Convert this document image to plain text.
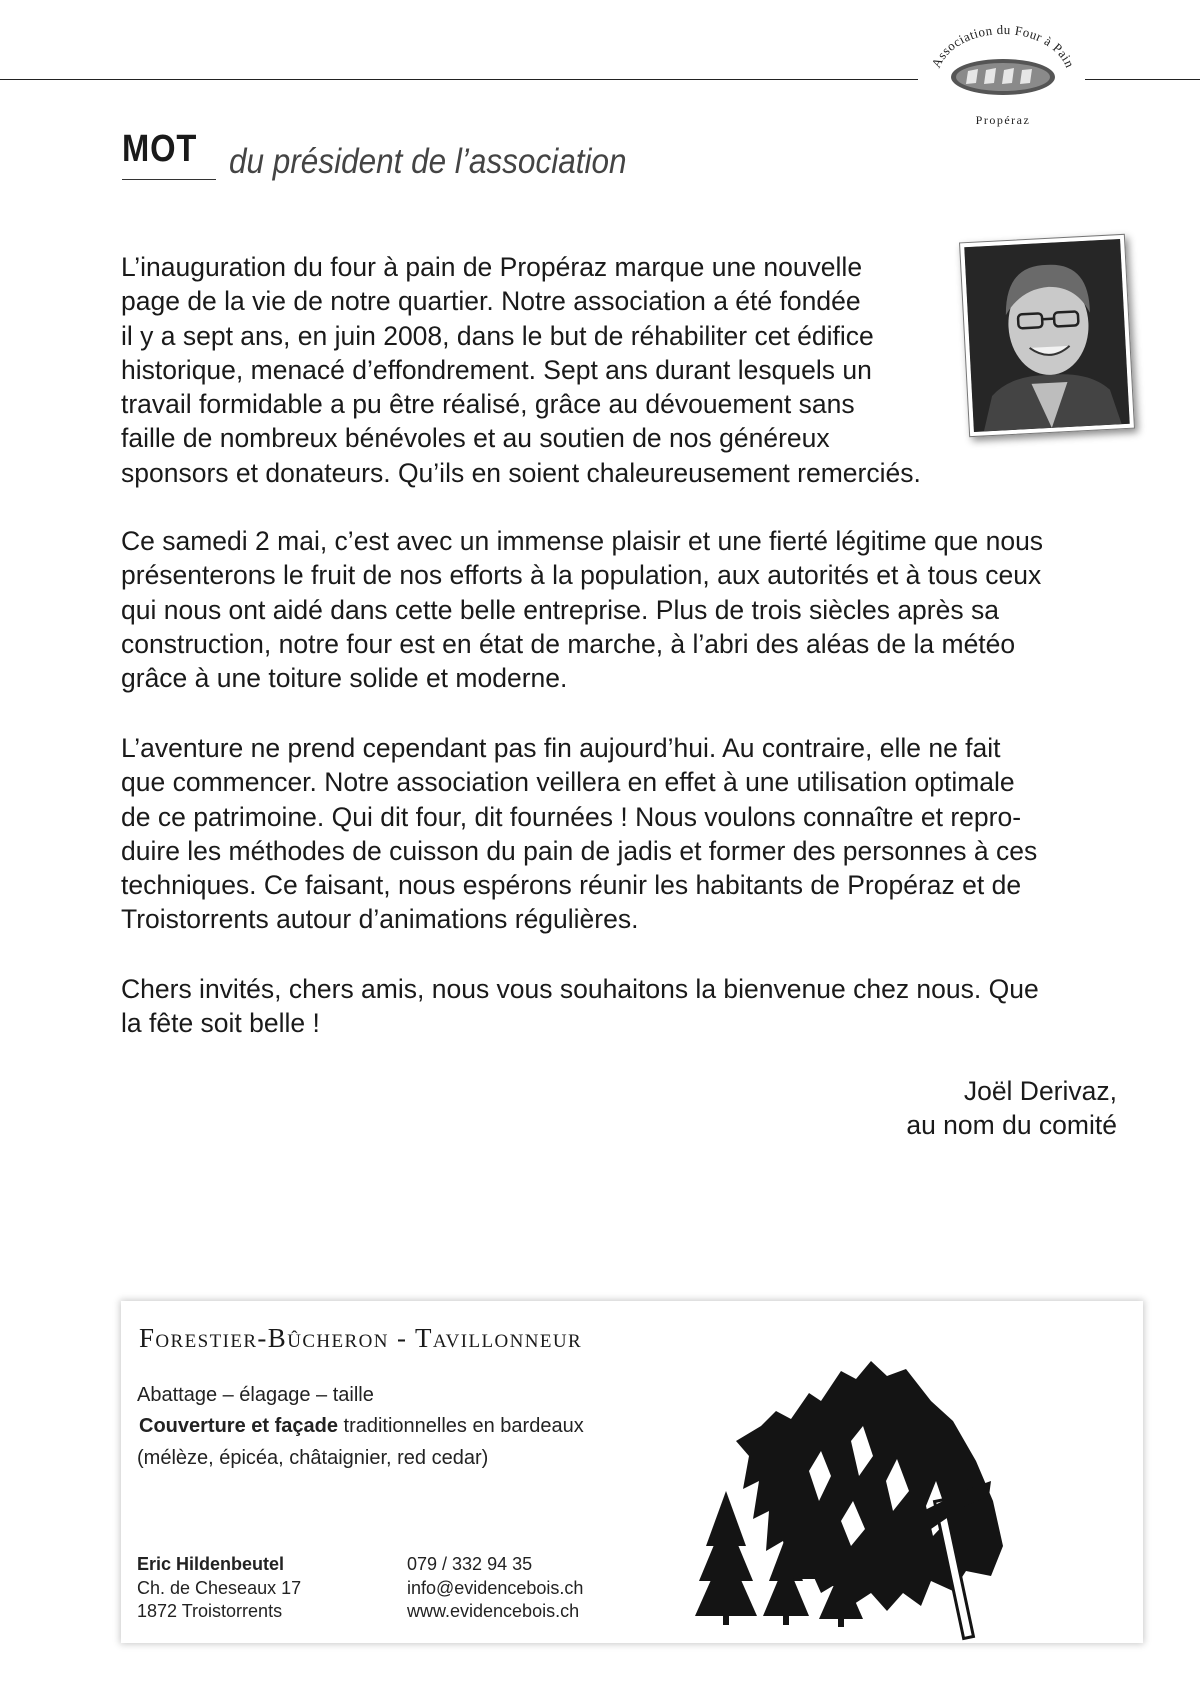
Association du Four à Pain
Propéraz
MOT du président de l’association

L’inauguration du four à pain de Propéraz marque une nouvelle
page de la vie de notre quartier. Notre association a été fondée
il y a sept ans, en juin 2008, dans le but de réhabiliter cet édifice
historique, menacé d’effondrement. Sept ans durant lesquels un
travail formidable a pu être réalisé, grâce au dévouement sans
faille de nombreux bénévoles et au soutien de nos généreux
sponsors et donateurs. Qu’ils en soient chaleureusement remerciés.

Ce samedi 2 mai, c’est avec un immense plaisir et une fierté légitime que nous
présenterons le fruit de nos efforts à la population, aux autorités et à tous ceux
qui nous ont aidé dans cette belle entreprise. Plus de trois siècles après sa
construction, notre four est en état de marche, à l’abri des aléas de la météo
grâce à une toiture solide et moderne.

L’aventure ne prend cependant pas fin aujourd’hui. Au contraire, elle ne fait
que commencer. Notre association veillera en effet à une utilisation optimale
de ce patrimoine. Qui dit four, dit fournées ! Nous voulons connaître et repro-
duire les méthodes de cuisson du pain de jadis et former des personnes à ces
techniques. Ce faisant, nous espérons réunir les habitants de Propéraz et de
Troistorrents autour d’animations régulières.

Chers invités, chers amis, nous vous souhaitons la bienvenue chez nous. Que
la fête soit belle !

Joël Derivaz,
au nom du comité
Forestier-Bûcheron - Tavillonneur
Abattage – élagage – taille
Couverture et façade traditionnelles en bardeaux
(mélèze, épicéa, châtaignier, red cedar)
Eric Hildenbeutel
Ch. de Cheseaux 17
1872 Troistorrents
079 / 332 94 35
info@evidencebois.ch
www.evidencebois.ch
